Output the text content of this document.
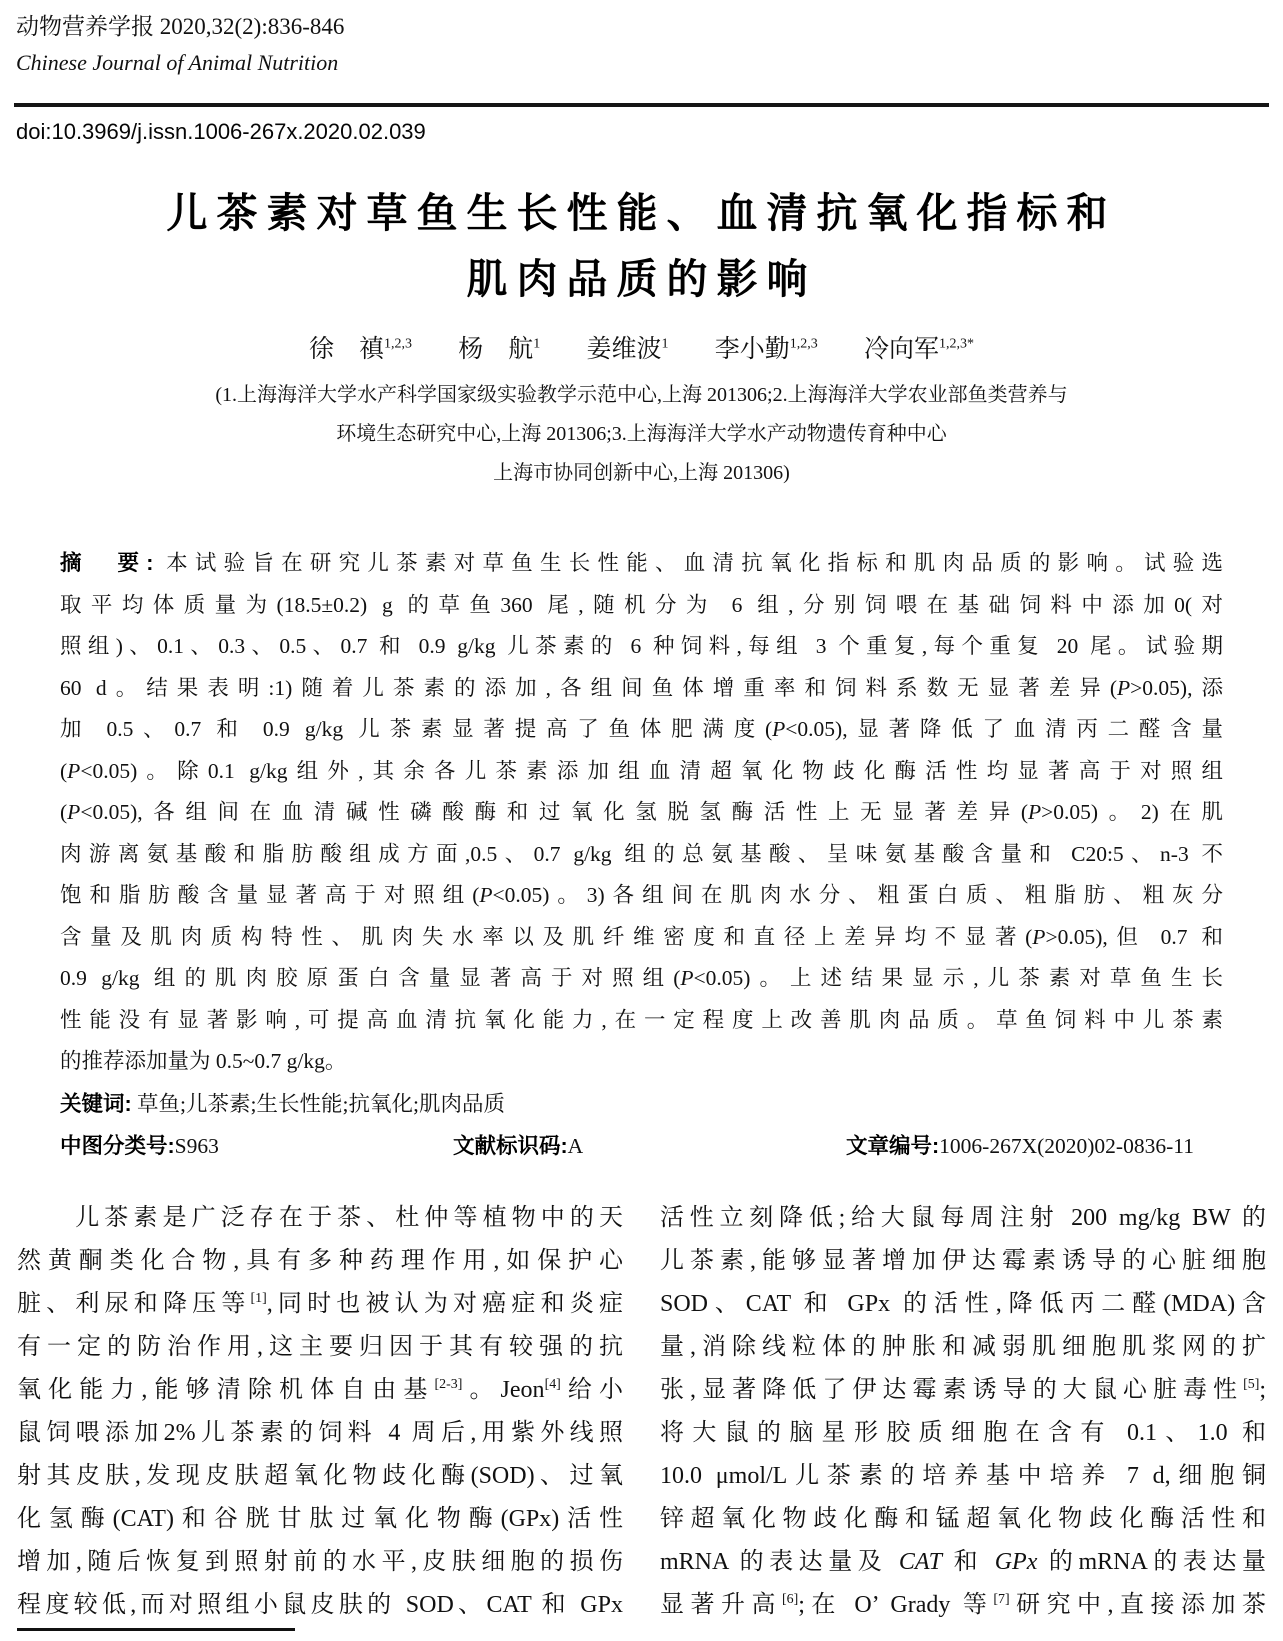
动物营养学报 2020,32(2):836-846
Chinese Journal of Animal Nutrition
doi:10.3969/j.issn.1006-267x.2020.02.039
儿茶素对草鱼生长性能、血清抗氧化指标和
肌肉品质的影响
徐　禛$^{1,2,3}$ 杨　航$^1$ 姜维波$^1$ 李小勤$^{1,2,3}$ 冷向军$^{1,2,3*}$
(1.上海海洋大学水产科学国家级实验教学示范中心,上海 201306;2.上海海洋大学农业部鱼类营养与
环境生态研究中心,上海 201306;3.上海海洋大学水产动物遗传育种中心
上海市协同创新中心,上海 201306)
摘　要: 本试验旨在研究儿茶素对草鱼生长性能、血清抗氧化指标和肌肉品质的影响。试验选
取平均体质量为(18.5±0.2) g 的草鱼360 尾,随机分为 6 组,分别饲喂在基础饲料中添加0(对
照组)、0.1、0.3、0.5、0.7 和 0.9 g/kg 儿茶素的 6 种饲料,每组 3 个重复,每个重复 20 尾。试验期
60 d。结果表明:1)随着儿茶素的添加,各组间鱼体增重率和饲料系数无显著差异(P>0.05),添
加 0.5、0.7 和 0.9 g/kg 儿茶素显著提高了鱼体肥满度(P<0.05),显著降低了血清丙二醛含量
(P<0.05)。除0.1 g/kg组外,其余各儿茶素添加组血清超氧化物歧化酶活性均显著高于对照组
(P<0.05),各组间在血清碱性磷酸酶和过氧化氢脱氢酶活性上无显著差异(P>0.05)。2)在肌
肉游离氨基酸和脂肪酸组成方面,0.5、0.7 g/kg 组的总氨基酸、呈味氨基酸含量和 C20:5、n-3 不
饱和脂肪酸含量显著高于对照组(P<0.05)。3)各组间在肌肉水分、粗蛋白质、粗脂肪、粗灰分
含量及肌肉质构特性、肌肉失水率以及肌纤维密度和直径上差异均不显著(P>0.05),但 0.7 和
0.9 g/kg 组的肌肉胶原蛋白含量显著高于对照组(P<0.05)。上述结果显示,儿茶素对草鱼生长
性能没有显著影响,可提高血清抗氧化能力,在一定程度上改善肌肉品质。草鱼饲料中儿茶素
的推荐添加量为 0.5~0.7 g/kg。
关键词: 草鱼;儿茶素;生长性能;抗氧化;肌肉品质
中图分类号:S963	文献标识码:A	文章编号:1006-267X(2020)02-0836-11
　　儿茶素是广泛存在于茶、杜仲等植物中的天
然黄酮类化合物,具有多种药理作用,如保护心
脏、利尿和降压等[1],同时也被认为对癌症和炎症
有一定的防治作用,这主要归因于其有较强的抗
氧化能力,能够清除机体自由基[2-3]。Jeon[4]给小
鼠饲喂添加2%儿茶素的饲料 4 周后,用紫外线照
射其皮肤,发现皮肤超氧化物歧化酶(SOD)、过氧
化氢酶(CAT)和谷胱甘肽过氧化物酶(GPx)活性
增加,随后恢复到照射前的水平,皮肤细胞的损伤
程度较低,而对照组小鼠皮肤的 SOD、CAT 和 GPx
活性立刻降低;给大鼠每周注射 200 mg/kg BW 的
儿茶素,能够显著增加伊达霉素诱导的心脏细胞
SOD、CAT 和 GPx 的活性,降低丙二醛(MDA)含
量,消除线粒体的肿胀和减弱肌细胞肌浆网的扩
张,显著降低了伊达霉素诱导的大鼠心脏毒性[5];
将大鼠的脑星形胶质细胞在含有 0.1、1.0 和
10.0 μmol/L儿茶素的培养基中培养 7 d,细胞铜
锌超氧化物歧化酶和锰超氧化物歧化酶活性和
mRNA 的表达量及 CAT 和 GPx 的mRNA的表达量
显著升高[6];在 O’ Grady 等[7]研究中,直接添加茶
